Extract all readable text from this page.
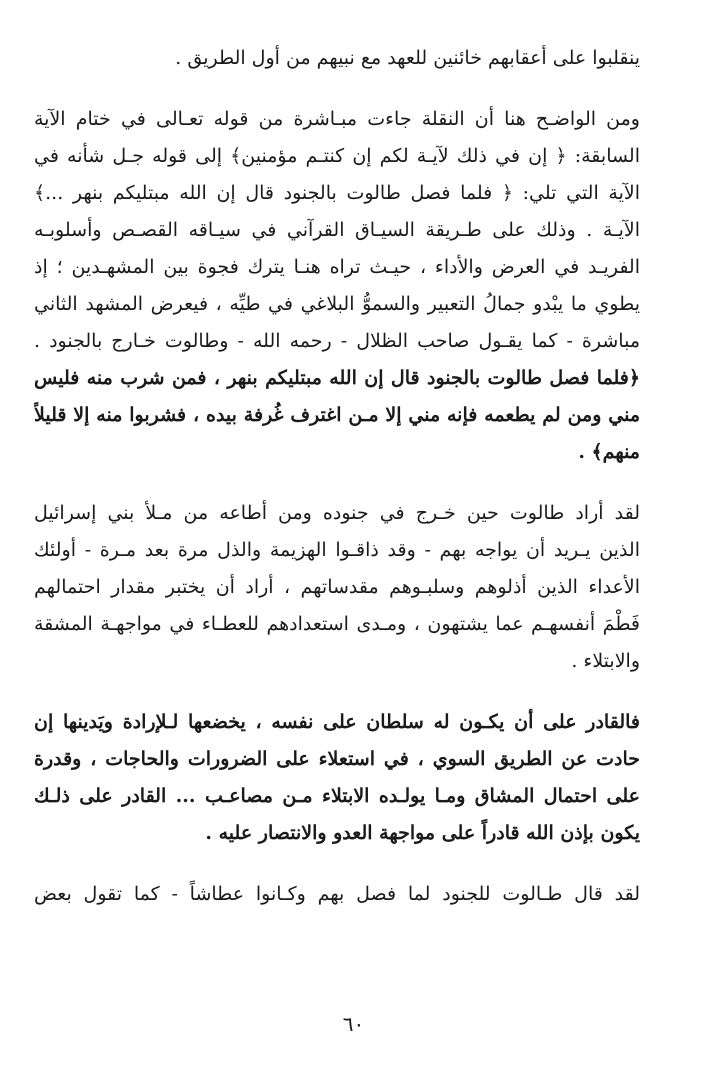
ينقلبوا على أعقابهم خائنين للعهد مع نبيهم من أول الطريق .
ومن الواضـح هنا أن النقلة جاءت مبـاشرة من قوله تعـالى في ختام الآية
السابقة: ﴿ إن في ذلك لآيـة لكم إن كنتـم مؤمنين﴾ إلى قوله جـل شأنه في
الآية التي تلي: ﴿ فلما فصل طالوت بالجنود قال إن الله مبتليكم بنهر ...﴾
الآيـة . وذلك على طـريقة السيـاق القرآني في سيـاقه القصـص وأسلوبـه
الفريـد في العرض والأداء ، حيـث تراه هنـا يترك فجوة بين المشهـدين ؛ إذ
يطوي ما يبْدو جمالُ التعبير والسموُّ البلاغي في طيِّه ، فيعرض المشهد الثاني
مباشرة - كما يقـول صاحب الظلال - رحمه الله - وطالوت خـارج بالجنود .
﴿فلما فصل طالوت بالجنود قال إن الله مبتليكم بنهر ، فمن شرب منه فليس
مني ومن لم يطعمه فإنه مني إلا مـن اغترف غُرفة بيده ، فشربوا منه إلا قليلاً
منهم﴾ .
لقد أراد طالوت حين خـرج في جنوده ومن أطاعه من مـلأ بني إسرائيل
الذين يـريد أن يواجه بهم - وقد ذاقـوا الهزيمة والذل مرة بعد مـرة - أولئك
الأعداء الذين أذلوهم وسلبـوهم مقدساتهم ، أراد أن يختبر مقدار احتمالهم
فَطْمَ أنفسهـم عما يشتهون ، ومـدى استعدادهم للعطـاء في مواجهـة المشقة
والابتلاء .
فالقادر على أن يكـون له سلطان على نفسه ، يخضعها لـلإرادة ويَدينها إن
حادت عن الطريق السوي ، في استعلاء على الضرورات والحاجات ، وقدرة
على احتمال المشاق ومـا يولـده الابتلاء مـن مصاعـب ... القادر على ذلـك
يكون بإذن الله قادراً على مواجهة العدو والانتصار عليه .
لقد قال طـالوت للجنود لما فصل بهم وكـانوا عطاشاً - كما تقول بعض
٦٠
